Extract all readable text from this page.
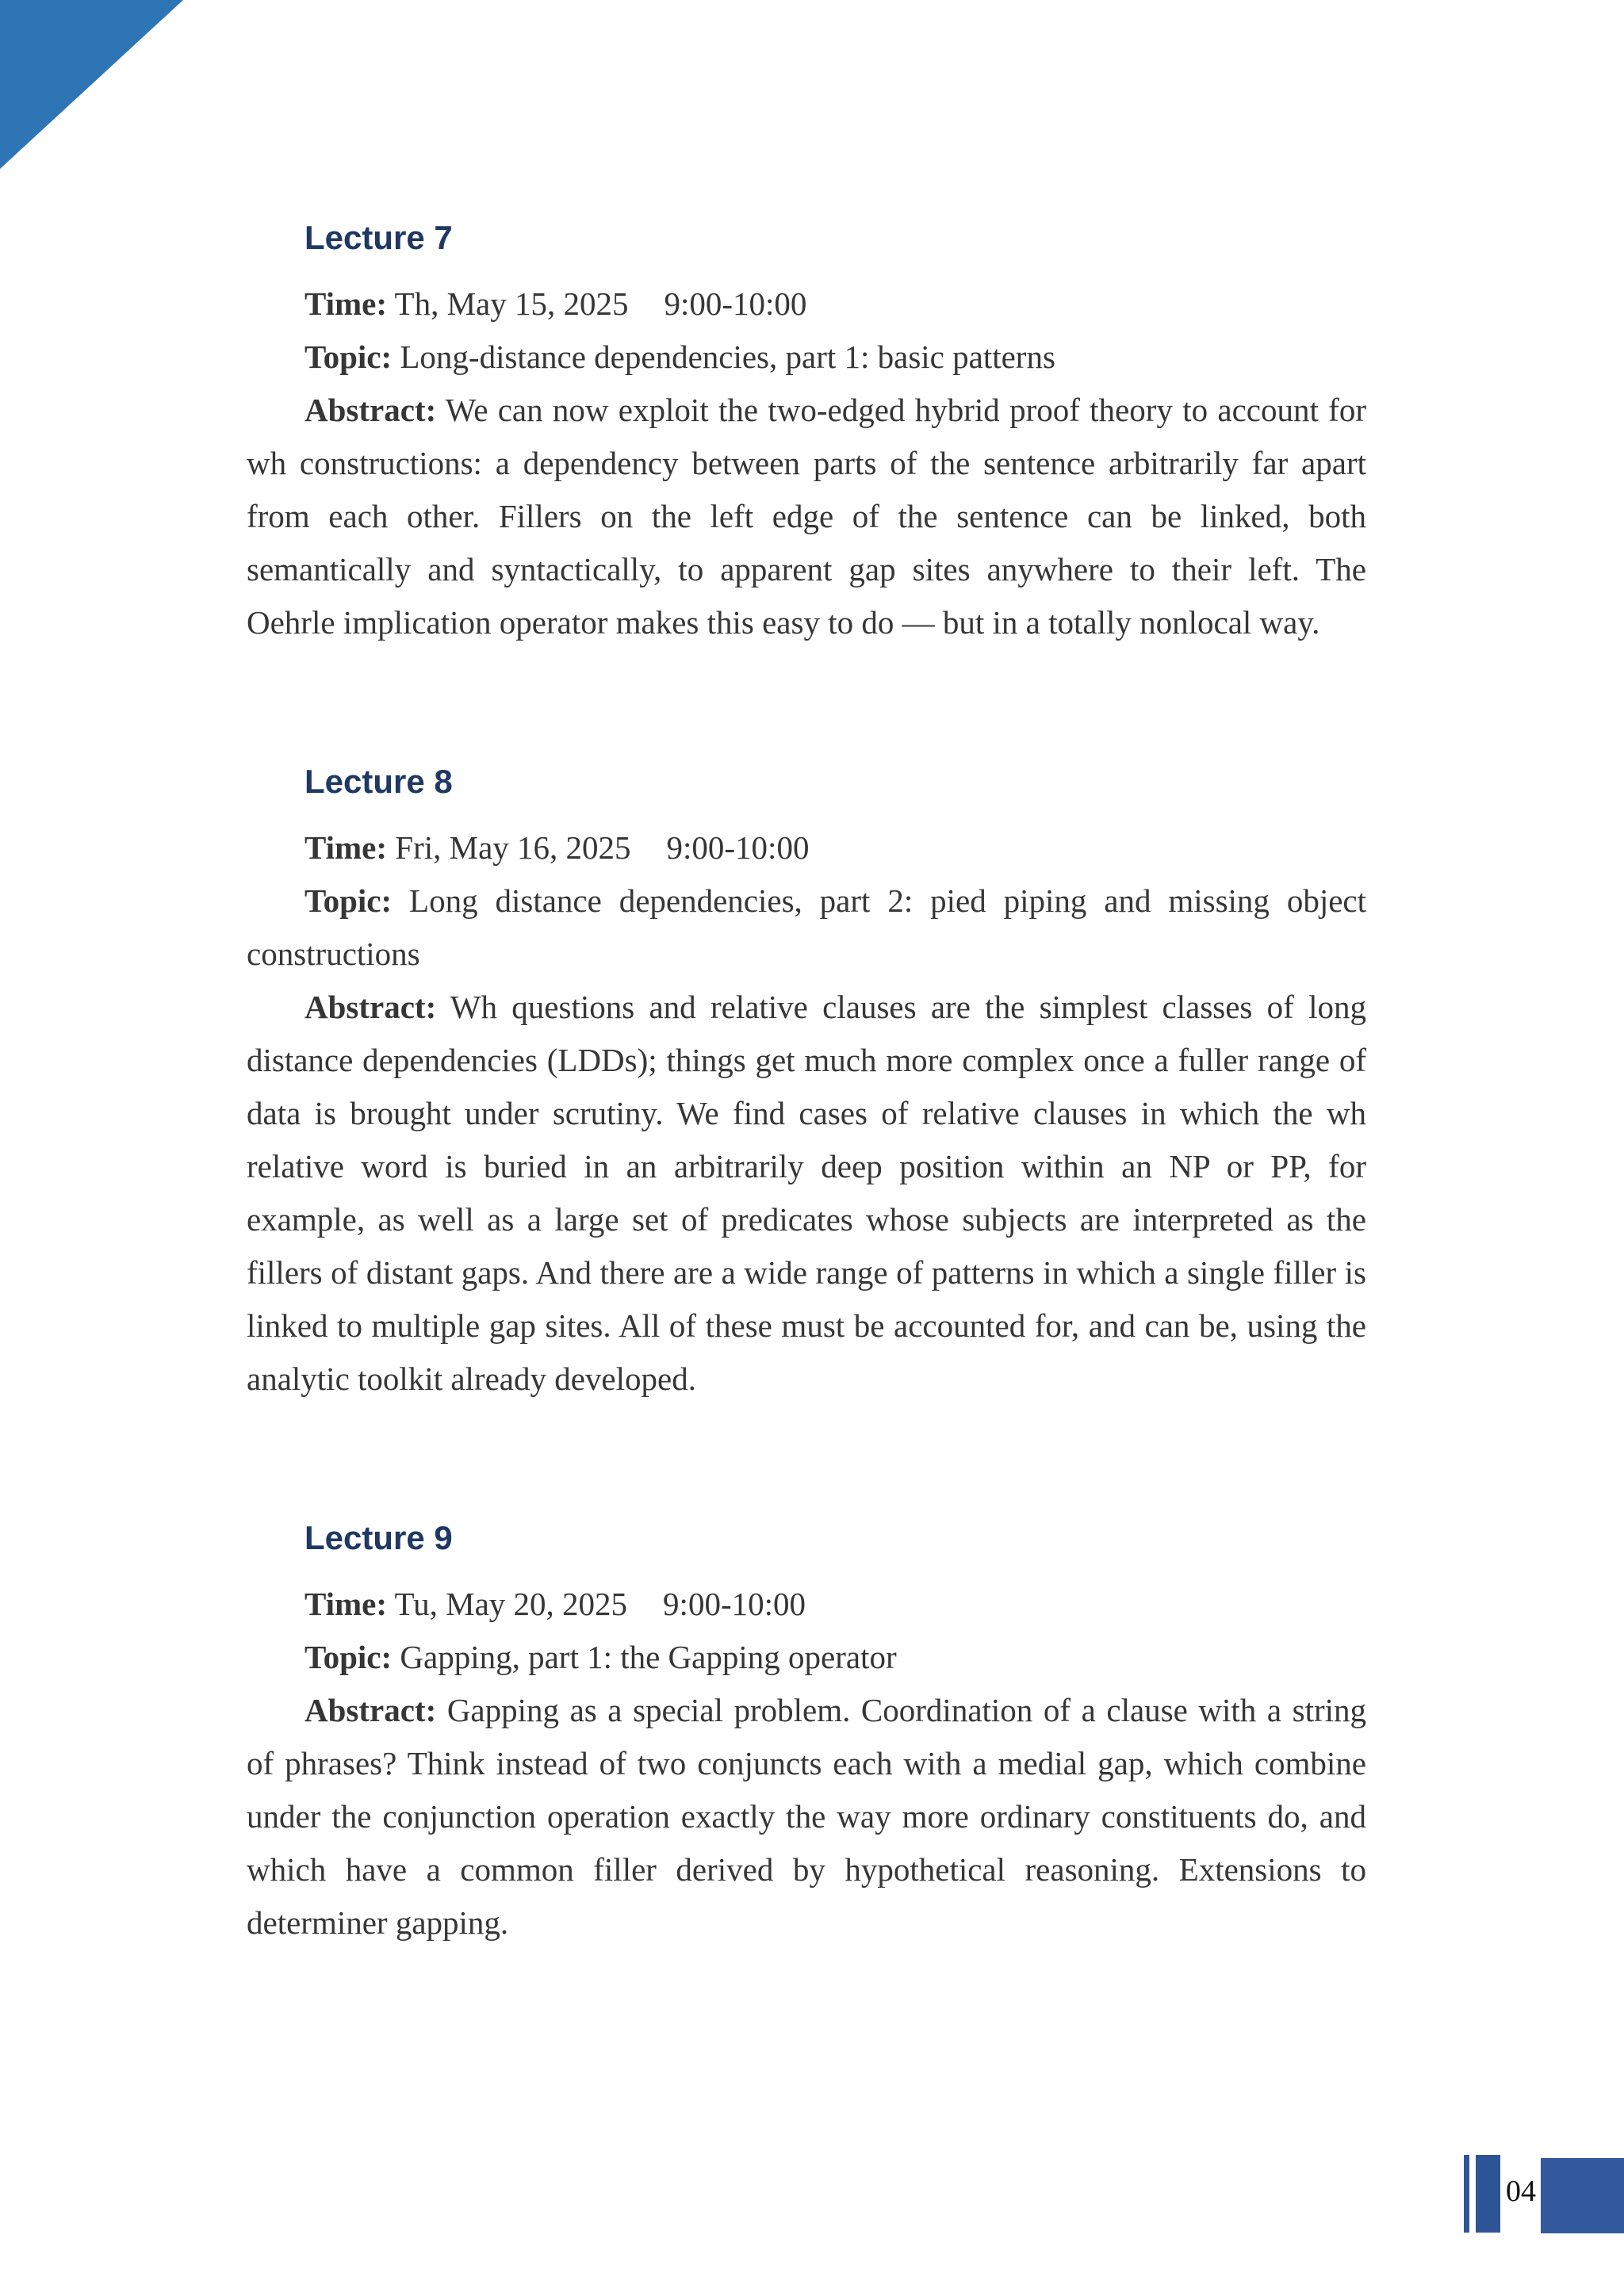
Lecture 7

Time: Th, May 15, 2025 9:00-10:00

Topic: Long-distance dependencies, part 1: basic patterns

Abstract: We can now exploit the two-edged hybrid proof theory to account for wh constructions: a dependency between parts of the sentence arbitrarily far apart from each other. Fillers on the left edge of the sentence can be linked, both semantically and syntactically, to apparent gap sites anywhere to their left. The Oehrle implication operator makes this easy to do — but in a totally nonlocal way.

Lecture 8

Time: Fri, May 16, 2025 9:00-10:00

Topic: Long distance dependencies, part 2: pied piping and missing object constructions

Abstract: Wh questions and relative clauses are the simplest classes of long distance dependencies (LDDs); things get much more complex once a fuller range of data is brought under scrutiny. We find cases of relative clauses in which the wh relative word is buried in an arbitrarily deep position within an NP or PP, for example, as well as a large set of predicates whose subjects are interpreted as the fillers of distant gaps. And there are a wide range of patterns in which a single filler is linked to multiple gap sites. All of these must be accounted for, and can be, using the analytic toolkit already developed.

Lecture 9

Time: Tu, May 20, 2025 9:00-10:00

Topic: Gapping, part 1: the Gapping operator

Abstract: Gapping as a special problem. Coordination of a clause with a string of phrases? Think instead of two conjuncts each with a medial gap, which combine under the conjunction operation exactly the way more ordinary constituents do, and which have a common filler derived by hypothetical reasoning. Extensions to determiner gapping.

04
